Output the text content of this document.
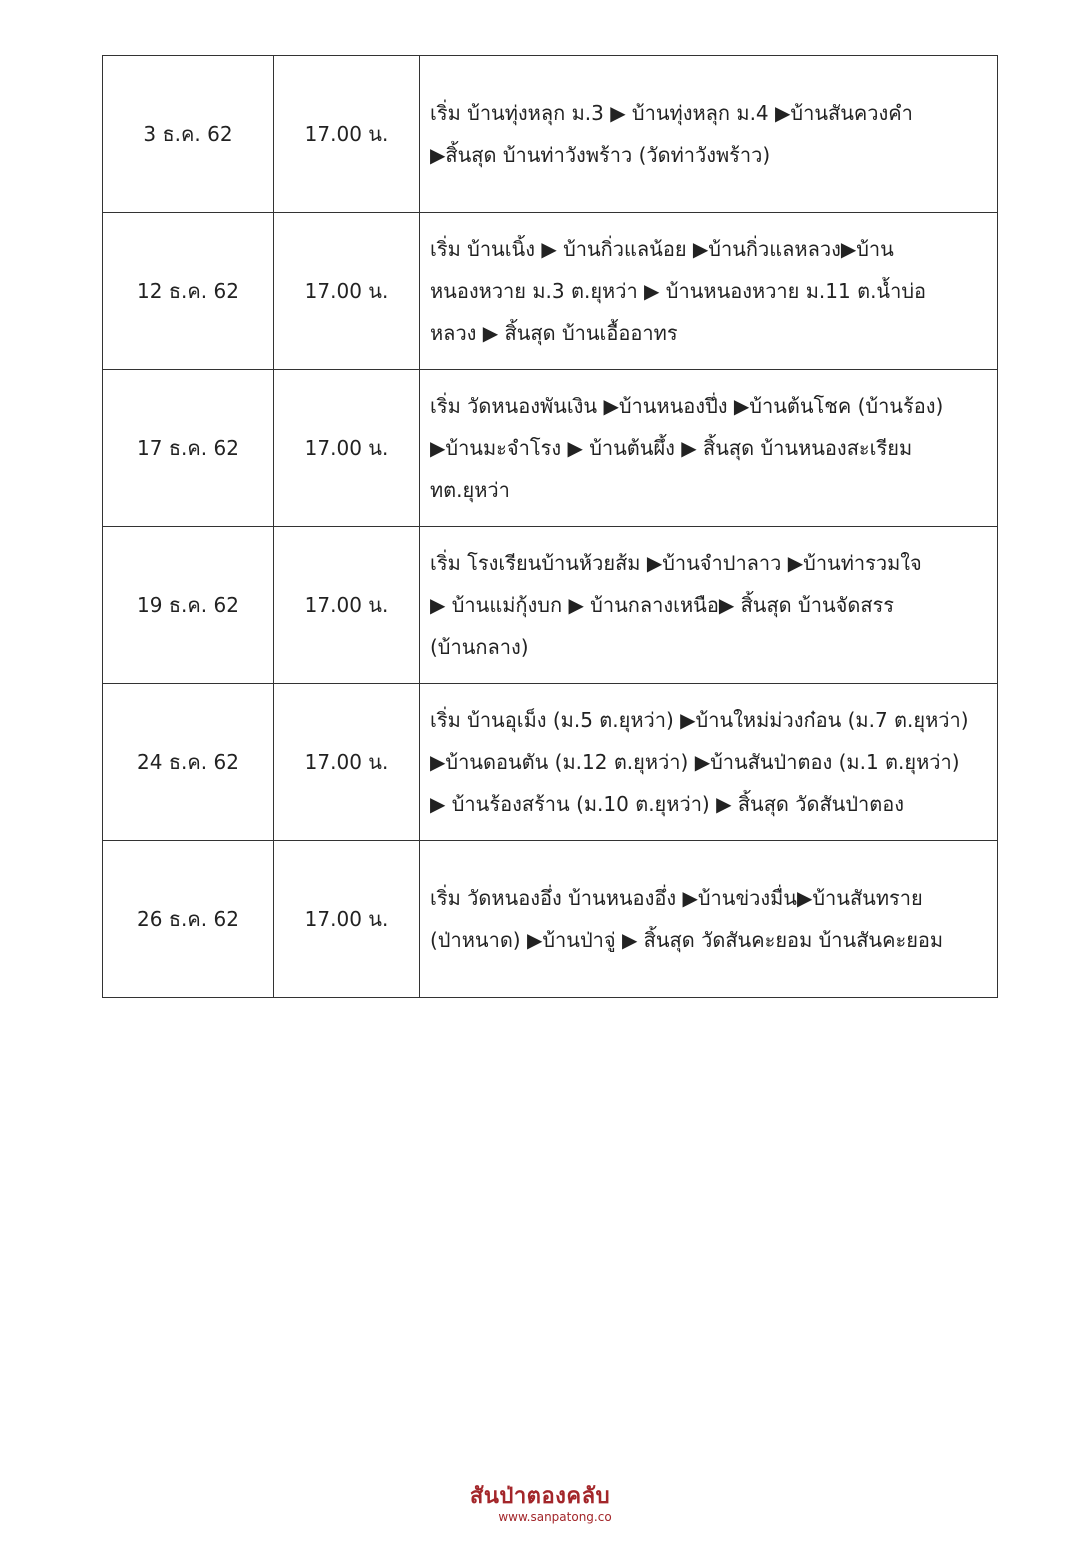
3 ธ.ค. 62	17.00 น.	เริ่ม บ้านทุ่งหลุก ม.3 ▶ บ้านทุ่งหลุก ม.4 ▶บ้านสันควงคำ
▶สิ้นสุด บ้านท่าวังพร้าว (วัดท่าวังพร้าว)

12 ธ.ค. 62	17.00 น.	เริ่ม บ้านเนิ้ง ▶ บ้านกิ่วแลน้อย ▶บ้านกิ่วแลหลวง▶บ้าน
หนองหวาย ม.3 ต.ยุหว่า ▶ บ้านหนองหวาย ม.11 ต.น้ำบ่อ
หลวง ▶ สิ้นสุด บ้านเอื้ออาทร

17 ธ.ค. 62	17.00 น.	เริ่ม วัดหนองพันเงิน ▶บ้านหนองปึ่ง ▶บ้านต้นโชค (บ้านร้อง)
▶บ้านมะจำโรง ▶ บ้านต้นผึ้ง ▶ สิ้นสุด บ้านหนองสะเรียม
ทต.ยุหว่า

19 ธ.ค. 62	17.00 น.	เริ่ม โรงเรียนบ้านห้วยส้ม ▶บ้านจำปาลาว ▶บ้านท่ารวมใจ
▶ บ้านแม่กุ้งบก ▶ บ้านกลางเหนือ▶ สิ้นสุด บ้านจัดสรร
(บ้านกลาง)

24 ธ.ค. 62	17.00 น.	เริ่ม บ้านอุเม็ง (ม.5 ต.ยุหว่า) ▶บ้านใหม่ม่วงก๋อน (ม.7 ต.ยุหว่า)
▶บ้านดอนตัน (ม.12 ต.ยุหว่า) ▶บ้านสันป่าตอง (ม.1 ต.ยุหว่า)
▶ บ้านร้องสร้าน (ม.10 ต.ยุหว่า) ▶ สิ้นสุด วัดสันป่าตอง

26 ธ.ค. 62	17.00 น.	เริ่ม วัดหนองอึ่ง บ้านหนองอึ่ง ▶บ้านข่วงมื่น▶บ้านสันทราย
(ป่าหนาด) ▶บ้านป่าจู่ ▶ สิ้นสุด วัดสันคะยอม บ้านสันคะยอม
สันป่าตองคลับ
www.sanpatong.co
